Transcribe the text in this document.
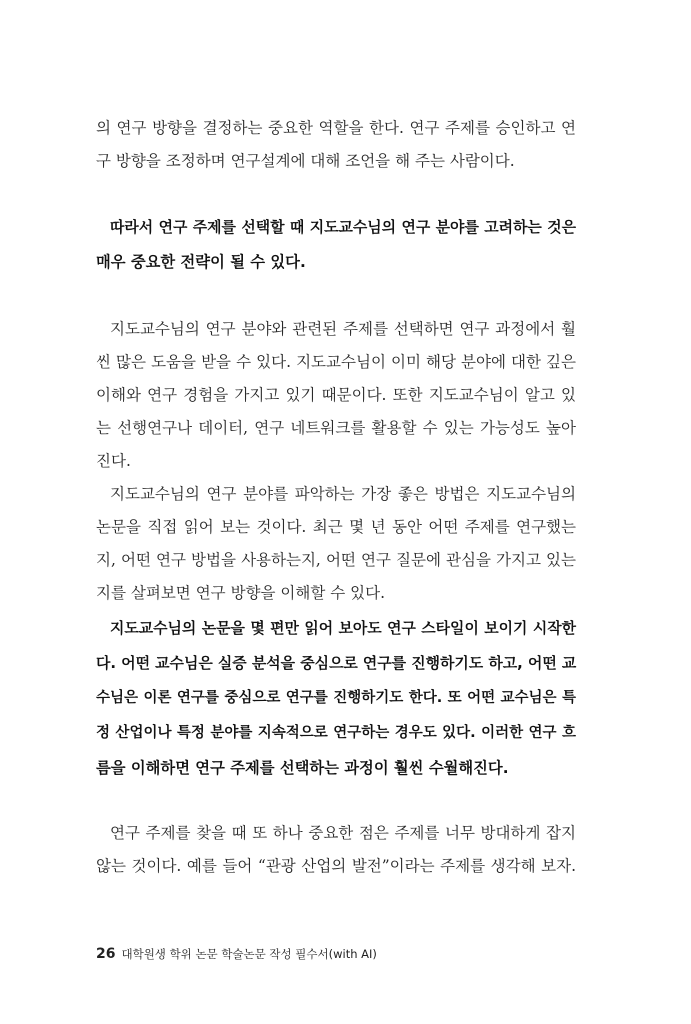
의 연구 방향을 결정하는 중요한 역할을 한다. 연구 주제를 승인하고 연
구 방향을 조정하며 연구설계에 대해 조언을 해 주는 사람이다.
따라서 연구 주제를 선택할 때 지도교수님의 연구 분야를 고려하는 것은
매우 중요한 전략이 될 수 있다.
지도교수님의 연구 분야와 관련된 주제를 선택하면 연구 과정에서 훨
씬 많은 도움을 받을 수 있다. 지도교수님이 이미 해당 분야에 대한 깊은
이해와 연구 경험을 가지고 있기 때문이다. 또한 지도교수님이 알고 있
는 선행연구나 데이터, 연구 네트워크를 활용할 수 있는 가능성도 높아
진다.
지도교수님의 연구 분야를 파악하는 가장 좋은 방법은 지도교수님의
논문을 직접 읽어 보는 것이다. 최근 몇 년 동안 어떤 주제를 연구했는
지, 어떤 연구 방법을 사용하는지, 어떤 연구 질문에 관심을 가지고 있는
지를 살펴보면 연구 방향을 이해할 수 있다.
지도교수님의 논문을 몇 편만 읽어 보아도 연구 스타일이 보이기 시작한
다. 어떤 교수님은 실증 분석을 중심으로 연구를 진행하기도 하고, 어떤 교
수님은 이론 연구를 중심으로 연구를 진행하기도 한다. 또 어떤 교수님은 특
정 산업이나 특정 분야를 지속적으로 연구하는 경우도 있다. 이러한 연구 흐
름을 이해하면 연구 주제를 선택하는 과정이 훨씬 수월해진다.
연구 주제를 찾을 때 또 하나 중요한 점은 주제를 너무 방대하게 잡지
않는 것이다. 예를 들어 “관광 산업의 발전”이라는 주제를 생각해 보자.
26 대학원생 학위 논문 학술논문 작성 필수서(with AI)
